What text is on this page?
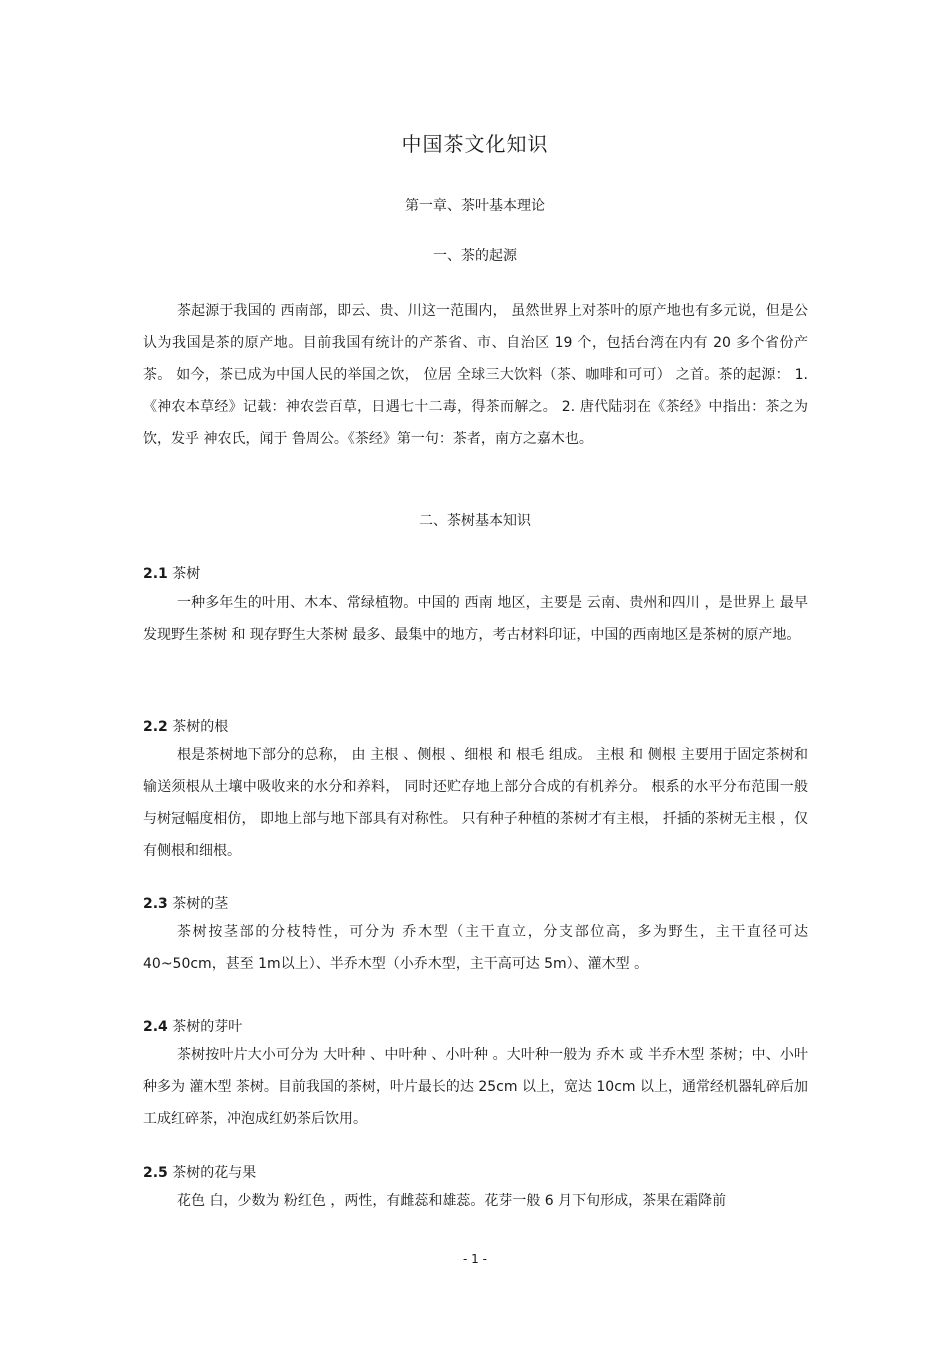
中国茶文化知识
第一章、茶叶基本理论
一、茶的起源
茶起源于我国的 西南部，即云、贵、川这一范围内， 虽然世界上对茶叶的原产地也有多元说，但是公认为我国是茶的原产地。目前我国有统计的产茶省、市、自治区 19 个，包括台湾在内有 20 多个省份产茶。 如今，茶已成为中国人民的举国之饮， 位居 全球三大饮料（茶、咖啡和可可） 之首。茶的起源： 1.《神农本草经》记载：神农尝百草，日遇七十二毒，得茶而解之。 2. 唐代陆羽在《茶经》中指出：茶之为饮，发乎 神农氏，闻于 鲁周公。《茶经》第一句：茶者，南方之嘉木也。
二、茶树基本知识
2.1 茶树
一种多年生的叶用、木本、常绿植物。中国的 西南 地区，主要是 云南、贵州和四川 ，是世界上 最早发现野生茶树 和 现存野生大茶树 最多、最集中的地方，考古材料印证，中国的西南地区是茶树的原产地。
2.2 茶树的根
根是茶树地下部分的总称， 由 主根 、侧根 、细根 和 根毛 组成。 主根 和 侧根 主要用于固定茶树和输送须根从土壤中吸收来的水分和养料， 同时还贮存地上部分合成的有机养分。 根系的水平分布范围一般与树冠幅度相仿， 即地上部与地下部具有对称性。 只有种子种植的茶树才有主根， 扦插的茶树无主根 ，仅有侧根和细根。
2.3 茶树的茎
茶树按茎部的分枝特性，可分为 乔木型（主干直立，分支部位高，多为野生，主干直径可达 40~50cm，甚至 1m以上）、半乔木型（小乔木型，主干高可达 5m）、灌木型 。
2.4 茶树的芽叶
茶树按叶片大小可分为 大叶种 、中叶种 、小叶种 。大叶种一般为 乔木 或 半乔木型 茶树；中、小叶种多为 灌木型 茶树。目前我国的茶树，叶片最长的达 25cm 以上，宽达 10cm 以上，通常经机器轧碎后加工成红碎茶，冲泡成红奶茶后饮用。
2.5 茶树的花与果
花色 白，少数为 粉红色 ，两性，有雌蕊和雄蕊。花芽一般 6 月下旬形成，茶果在霜降前
- 1 -
